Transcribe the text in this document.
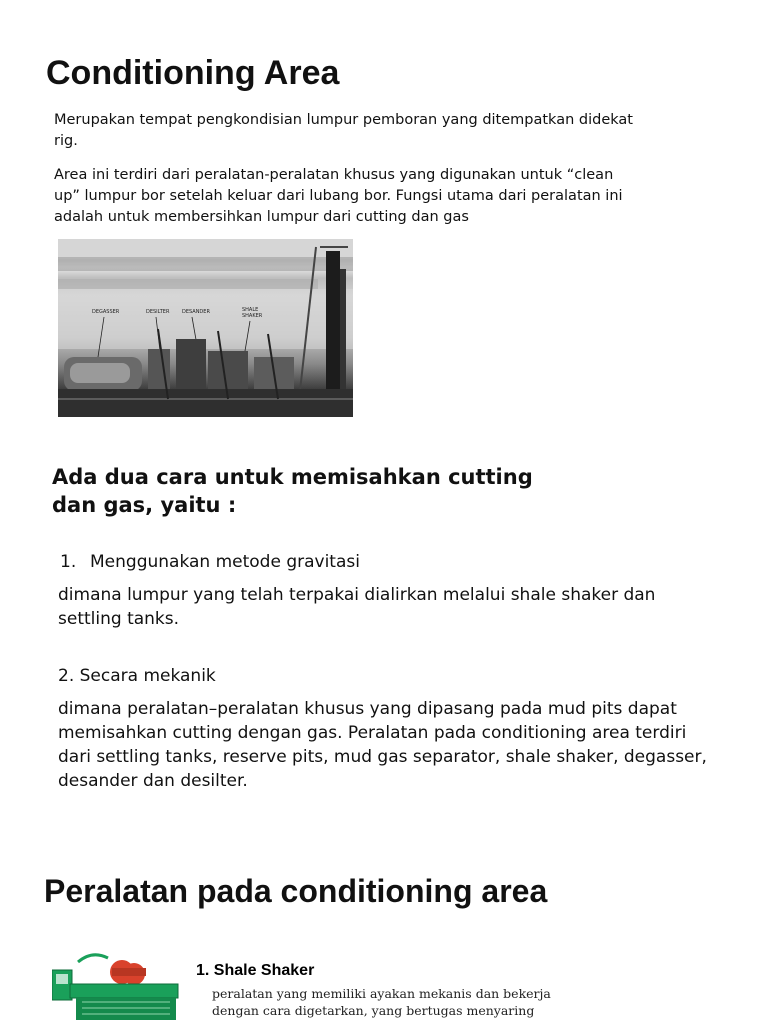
Conditioning Area

Merupakan tempat pengkondisian lumpur pemboran yang ditempatkan didekat rig.

Area ini terdiri dari peralatan-peralatan khusus yang digunakan untuk “clean up” lumpur bor setelah keluar dari lubang bor. Fungsi utama dari peralatan ini adalah untuk membersihkan lumpur dari cutting dan gas

DEGASSER	DESILTER	DESANDER	SHALE
SHAKER
Ada dua cara untuk memisahkan cutting dan gas, yaitu :

1. Menggunakan metode gravitasi

dimana lumpur yang telah terpakai dialirkan melalui shale shaker dan settling tanks.

2. Secara mekanik

dimana peralatan–peralatan khusus yang dipasang pada mud pits dapat memisahkan cutting dengan gas. Peralatan pada conditioning area terdiri dari settling tanks, reserve pits, mud gas separator, shale shaker, degasser, desander dan desilter.

Peralatan pada conditioning area
1. Shale Shaker

peralatan yang memiliki ayakan mekanis dan bekerja dengan cara digetarkan, yang bertugas menyaring
